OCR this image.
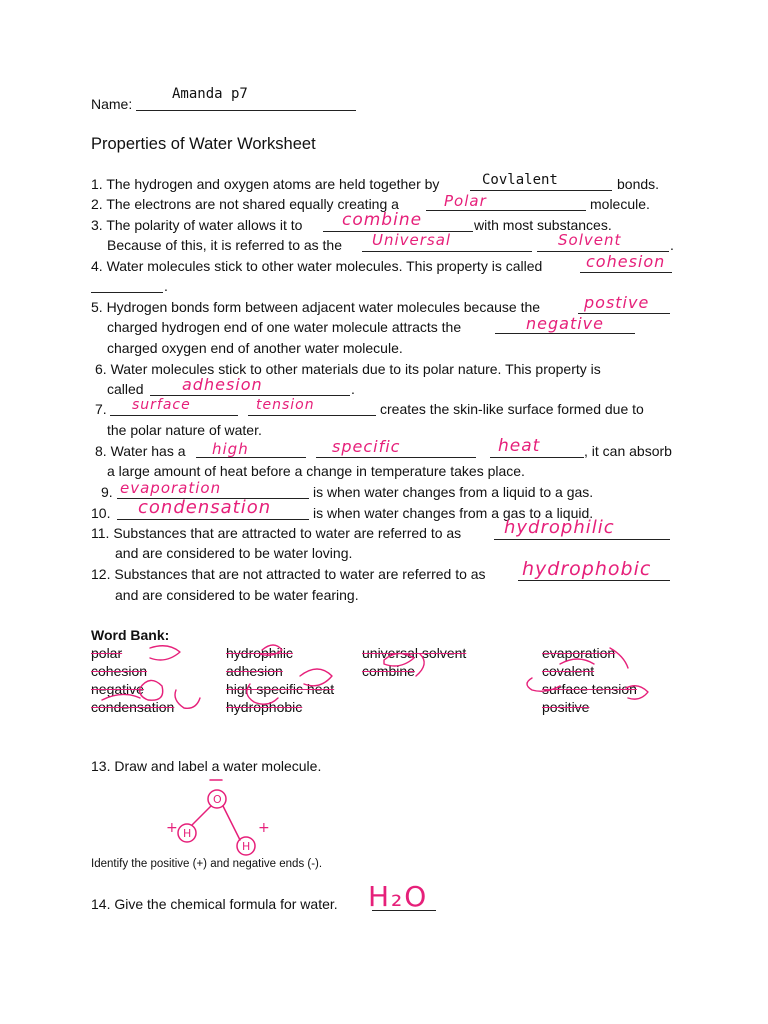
Amanda p7
Name:
Properties of Water Worksheet
1. The hydrogen and oxygen atoms are held together by	Covlalent	bonds.
2. The electrons are not shared equally creating a	Polar	molecule.
3. The polarity of water allows it to combine	with most substances.
Because of this, it is referred to as the Universal	Solvent	.
4. Water molecules stick to other water molecules. This property is called	cohesion
.
5. Hydrogen bonds form between adjacent water molecules because the	postive
charged hydrogen end of one water molecule attracts the	negative
charged oxygen end of another water molecule.
6. Water molecules stick to other materials due to its polar nature. This property is
called adhesion	.
7. surface	tension	creates the skin-like surface formed due to
the polar nature of water.
8. Water has a high	specific	heat	, it can absorb
a large amount of heat before a change in temperature takes place.
9. evaporation	is when water changes from a liquid to a gas.
10. condensation	is when water changes from a gas to a liquid.
11. Substances that are attracted to water are referred to as hydrophilic
and are considered to be water loving.
12. Substances that are not attracted to water are referred to as hydrophobic
and are considered to be water fearing.
Word Bank:
polar
cohesion
negative
condensation
hydrophilic
adhesion
high specific heat
hydrophobic
universal solvent
combine
evaporation
covalent
surface tension
positive
13. Draw and label a water molecule.
O
H
H
+	+
Identify the positive (+) and negative ends (-).
14. Give the chemical formula for water. H₂O
